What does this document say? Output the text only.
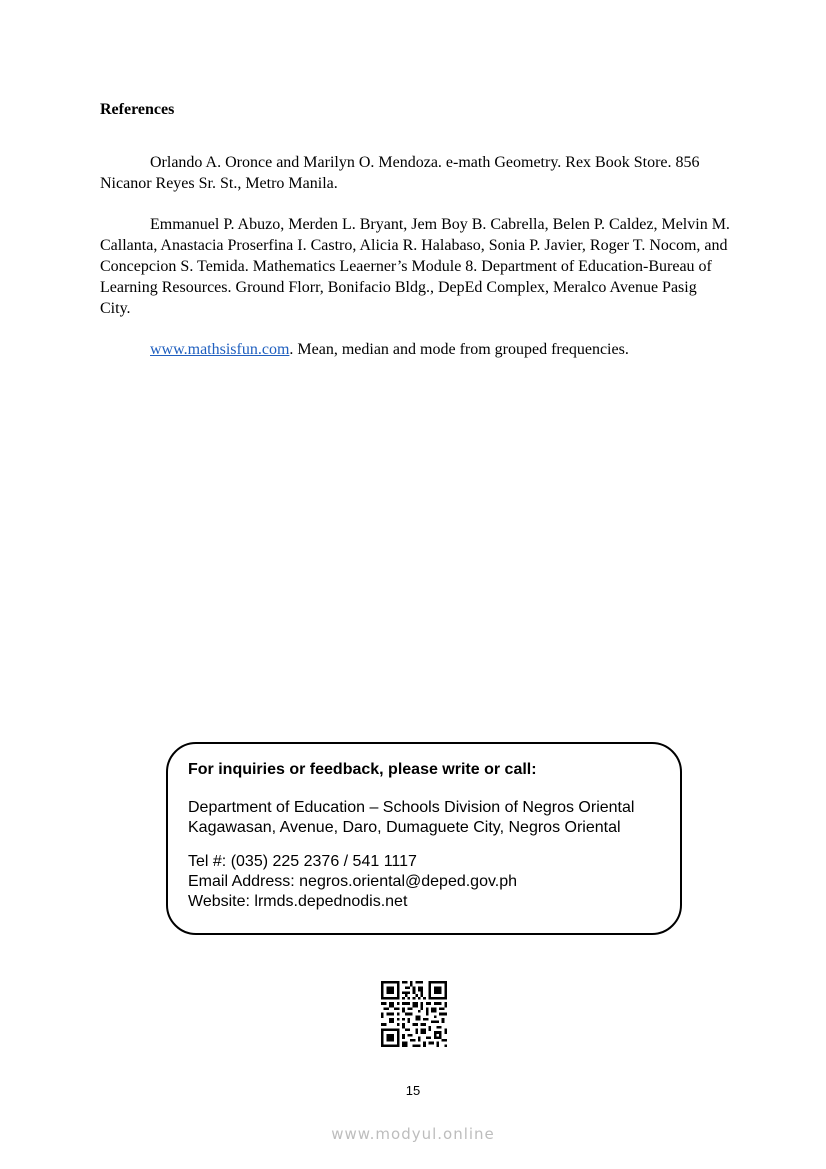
References

Orlando A. Oronce and Marilyn O. Mendoza. e-math Geometry. Rex Book Store. 856 Nicanor Reyes Sr. St., Metro Manila.

Emmanuel P. Abuzo, Merden L. Bryant, Jem Boy B. Cabrella, Belen P. Caldez, Melvin M. Callanta, Anastacia Proserfina I. Castro, Alicia R. Halabaso, Sonia P. Javier, Roger T. Nocom, and Concepcion S. Temida. Mathematics Leaerner’s Module 8. Department of Education-Bureau of Learning Resources. Ground Florr, Bonifacio Bldg., DepEd Complex, Meralco Avenue Pasig City.

www.mathsisfun.com. Mean, median and mode from grouped frequencies.

For inquiries or feedback, please write or call:
Department of Education – Schools Division of Negros Oriental
Kagawasan, Avenue, Daro, Dumaguete City, Negros Oriental
Tel #: (035) 225 2376 / 541 1117
Email Address: negros.oriental@deped.gov.ph
Website: lrmds.depednodis.net
15
www.modyul.online
